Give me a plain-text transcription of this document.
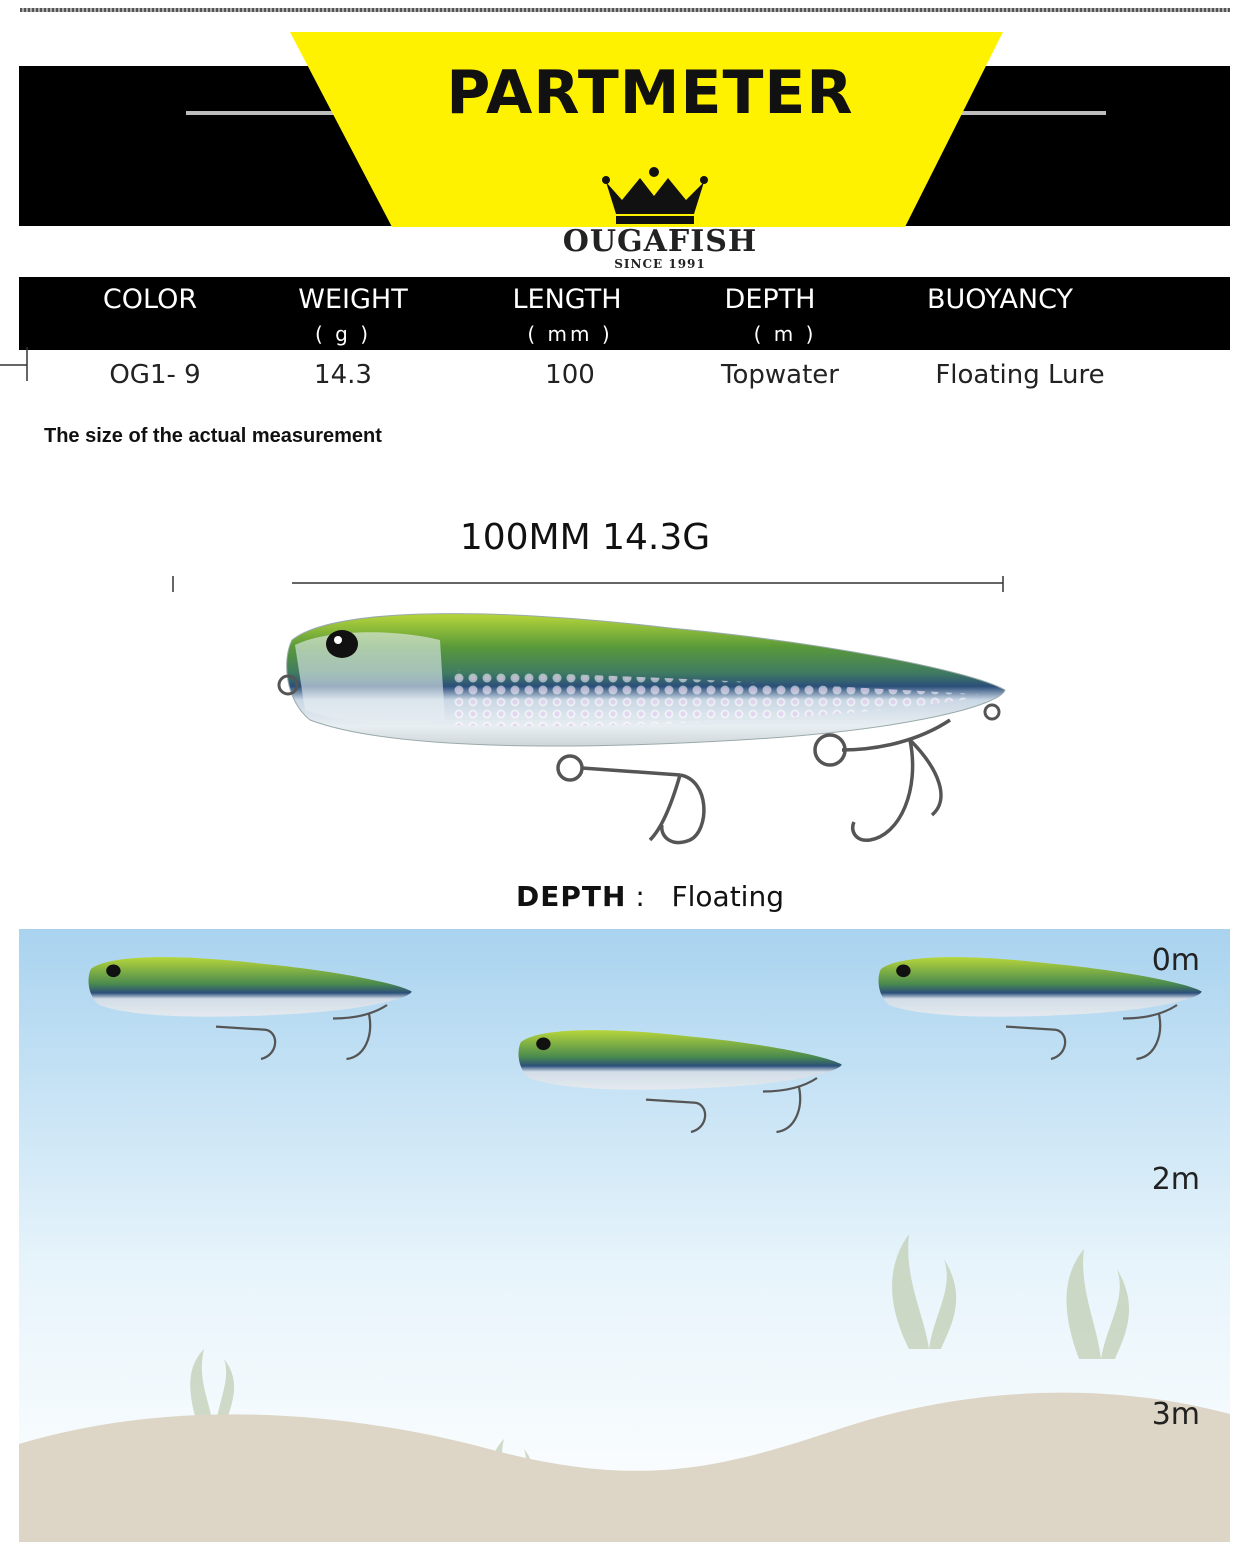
PARTMETER
OUGAFISH
SINCE 1991
COLOR	WEIGHT	LENGTH	DEPTH	BUOYANCY
( g )	( mm )	( m )
OG1- 9	14.3	100	Topwater	Floating Lure
The size of the actual measurement
100MM 14.3G
DEPTH : Floating
0m
2m
3m
